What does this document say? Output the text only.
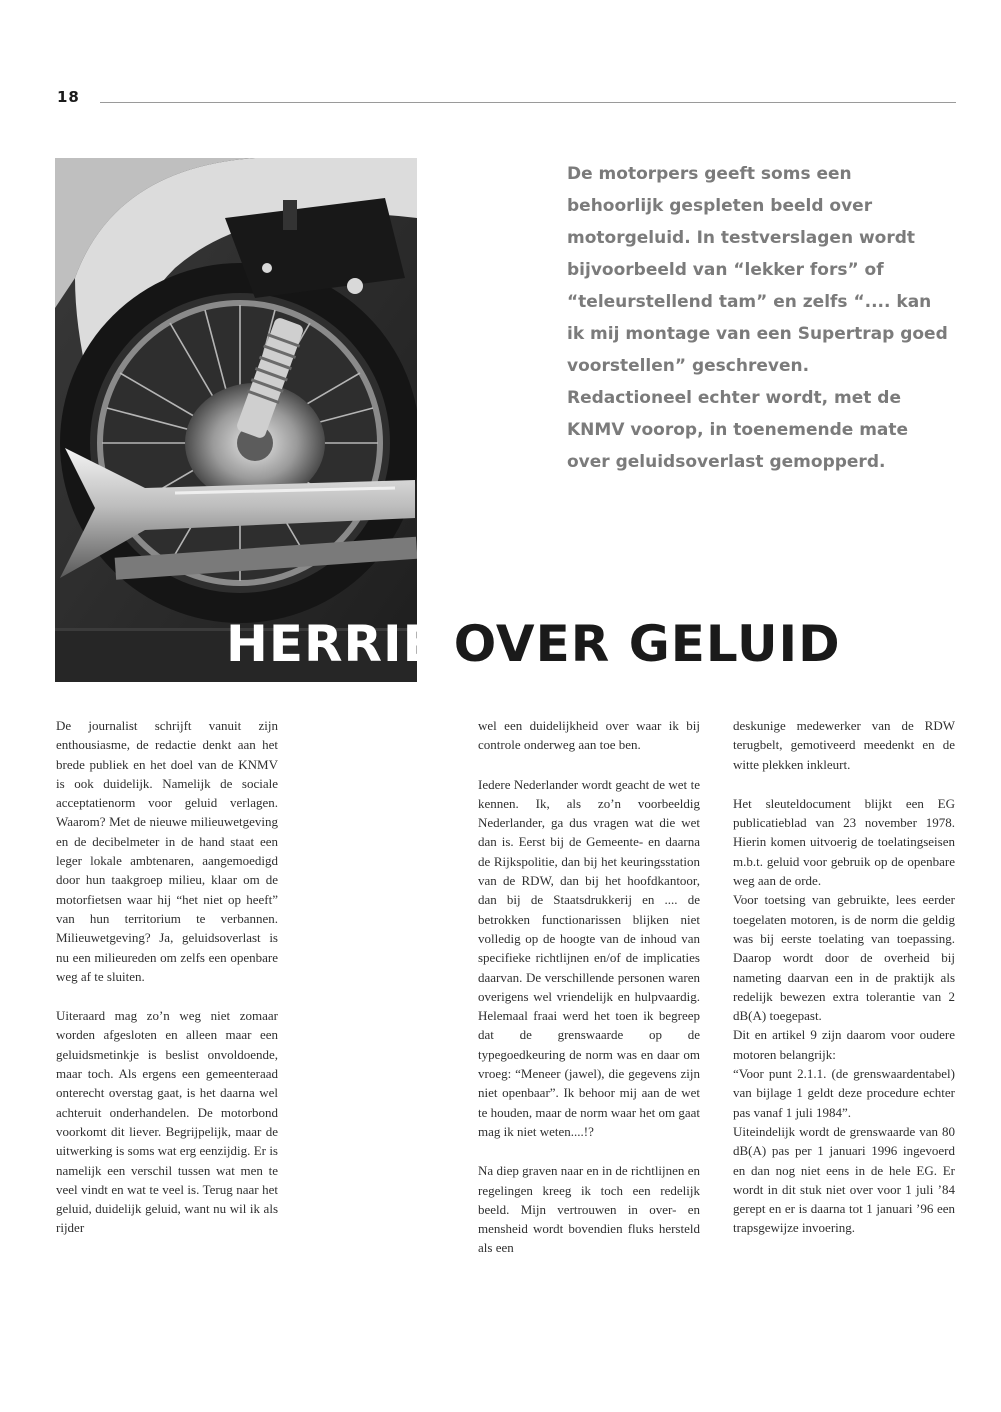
18

De motorpers geeft soms een behoorlijk gespleten beeld over motorgeluid. In testverslagen wordt bijvoorbeeld van “lekker fors” of “teleurstellend tam” en zelfs “.... kan ik mij montage van een Supertrap goed voorstellen” geschreven.

Redactioneel echter wordt, met de KNMV voorop, in toenemende mate over geluidsoverlast gemopperd.

HERRIE OVER GELUID

De journalist schrijft vanuit zijn enthousiasme, de redactie denkt aan het brede publiek en het doel van de KNMV is ook duidelijk. Namelijk de sociale acceptatienorm voor geluid verlagen. Waarom? Met de nieuwe milieuwetgeving en de decibelmeter in de hand staat een leger lokale ambtenaren, aangemoedigd door hun taakgroep milieu, klaar om de motorfietsen waar hij “het niet op heeft” van hun territorium te verbannen. Milieuwetgeving? Ja, geluidsoverlast is nu een milieureden om zelfs een openbare weg af te sluiten.

Uiteraard mag zo’n weg niet zomaar worden afgesloten en alleen maar een geluidsmetinkje is beslist onvoldoende, maar toch. Als ergens een gemeenteraad onterecht overstag gaat, is het daarna wel achteruit onderhandelen. De motorbond voorkomt dit liever. Begrijpelijk, maar de uitwerking is soms wat erg eenzijdig. Er is namelijk een verschil tussen wat men te veel vindt en wat te veel is. Terug naar het geluid, duidelijk geluid, want nu wil ik als rijder

wel een duidelijkheid over waar ik bij controle onderweg aan toe ben.

Iedere Nederlander wordt geacht de wet te kennen. Ik, als zo’n voorbeeldig Nederlander, ga dus vragen wat die wet dan is. Eerst bij de Gemeente- en daarna de Rijkspolitie, dan bij het keuringsstation van de RDW, dan bij het hoofdkantoor, dan bij de Staatsdrukkerij en .... de betrokken functionarissen blijken niet volledig op de hoogte van de inhoud van specifieke richtlijnen en/of de implicaties daarvan. De verschillende personen waren overigens wel vriendelijk en hulpvaardig. Helemaal fraai werd het toen ik begreep dat de grenswaarde op de typegoedkeuring de norm was en daar om vroeg: “Meneer (jawel), die gegevens zijn niet openbaar”. Ik behoor mij aan de wet te houden, maar de norm waar het om gaat mag ik niet weten....!?

Na diep graven naar en in de richtlijnen en regelingen kreeg ik toch een redelijk beeld. Mijn vertrouwen in over- en mensheid wordt bovendien fluks hersteld als een

deskunige medewerker van de RDW terugbelt, gemotiveerd meedenkt en de witte plekken inkleurt.

Het sleuteldocument blijkt een EG publicatieblad van 23 november 1978. Hierin komen uitvoerig de toelatingseisen m.b.t. geluid voor gebruik op de openbare weg aan de orde.

Voor toetsing van gebruikte, lees eerder toegelaten motoren, is de norm die geldig was bij eerste toelating van toepassing. Daarop wordt door de overheid bij nameting daarvan een in de praktijk als redelijk bewezen extra tolerantie van 2 dB(A) toegepast.

Dit en artikel 9 zijn daarom voor oudere motoren belangrijk:

“Voor punt 2.1.1. (de grenswaardentabel) van bijlage 1 geldt deze procedure echter pas vanaf 1 juli 1984”.

Uiteindelijk wordt de grenswaarde van 80 dB(A) pas per 1 januari 1996 ingevoerd en dan nog niet eens in de hele EG. Er wordt in dit stuk niet over voor 1 juli ’84 gerept en er is daarna tot 1 januari ’96 een trapsgewijze invoering.
